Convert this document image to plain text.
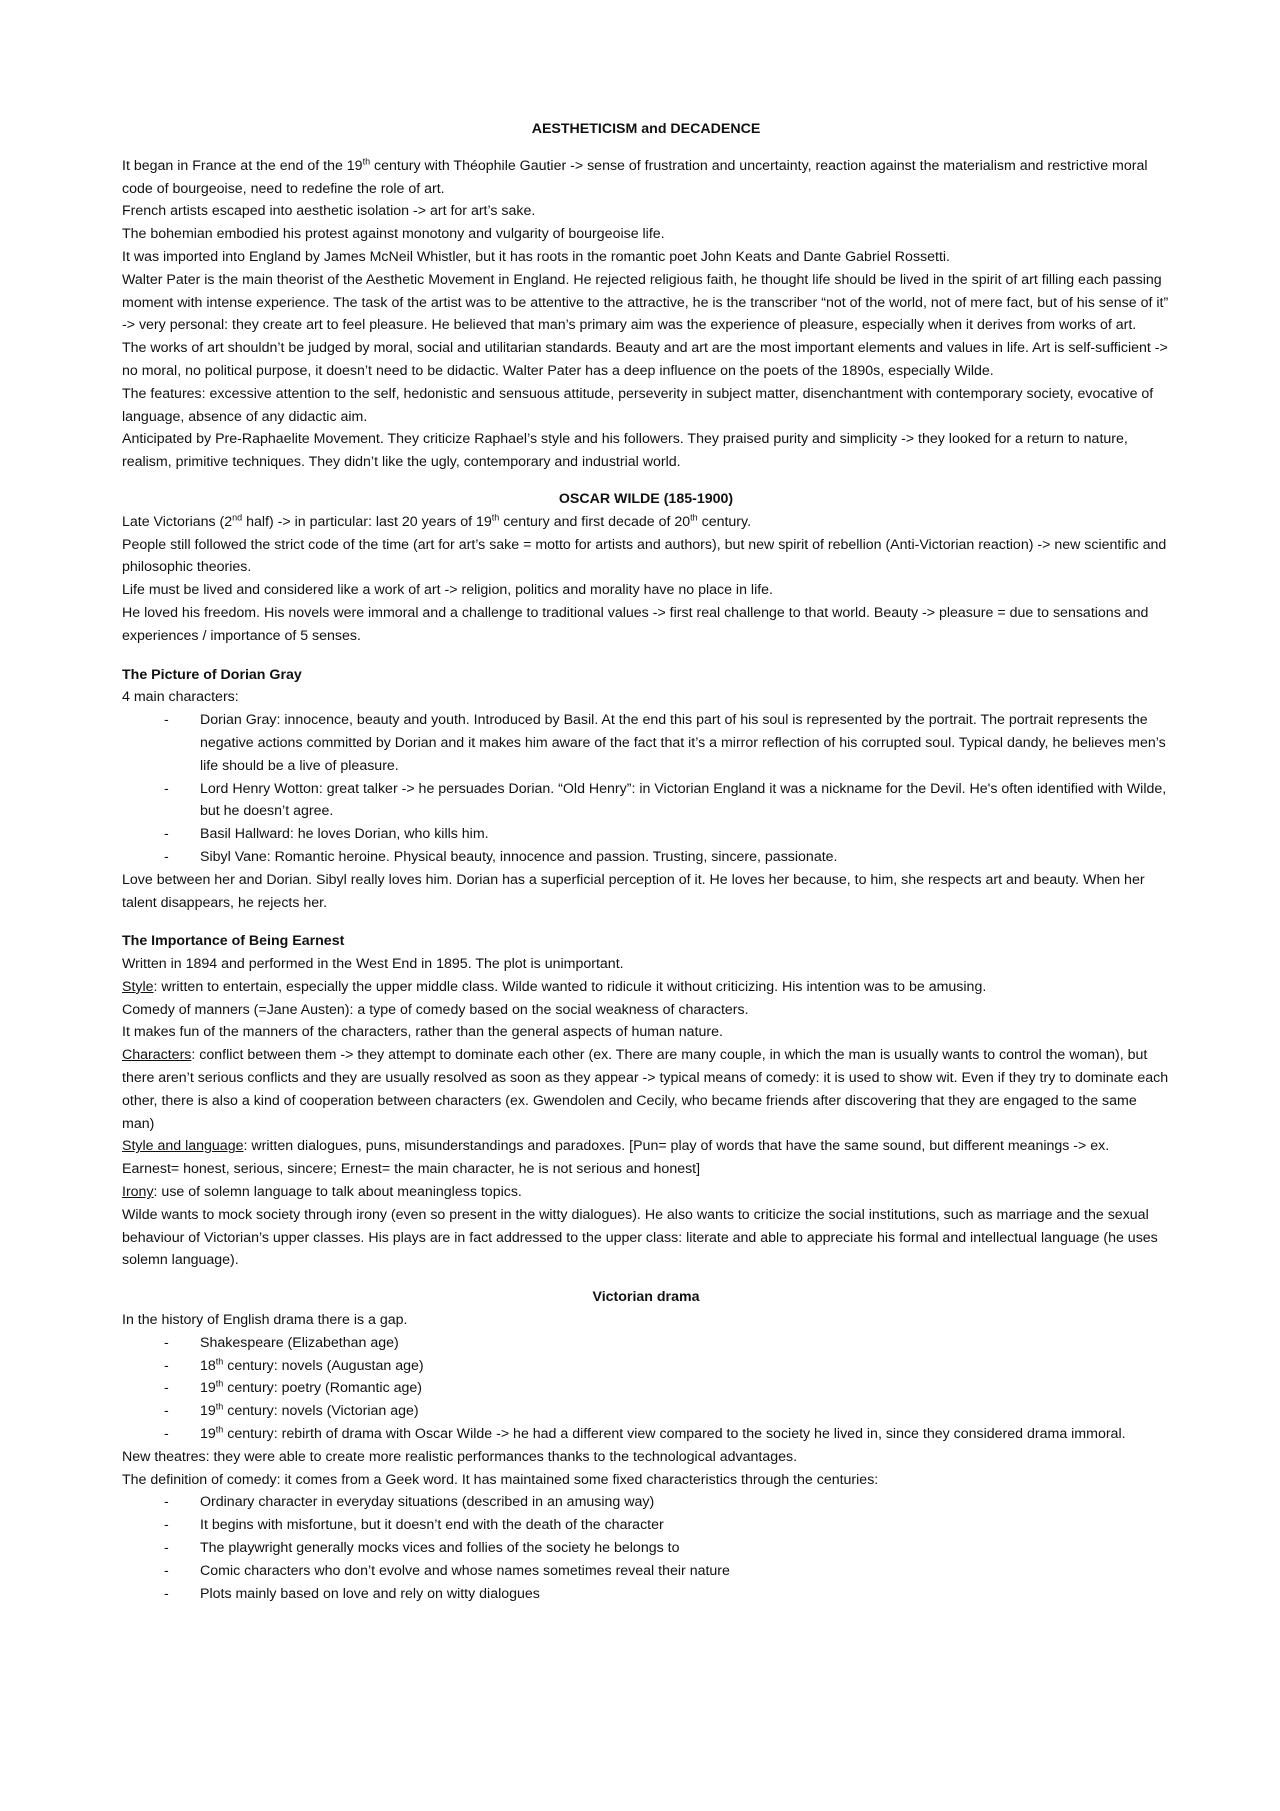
AESTHETICISM and DECADENCE

It began in France at the end of the 19th century with Théophile Gautier -> sense of frustration and uncertainty, reaction against the materialism and restrictive moral code of bourgeoise, need to redefine the role of art.

French artists escaped into aesthetic isolation -> art for art’s sake.

The bohemian embodied his protest against monotony and vulgarity of bourgeoise life.

It was imported into England by James McNeil Whistler, but it has roots in the romantic poet John Keats and Dante Gabriel Rossetti.

Walter Pater is the main theorist of the Aesthetic Movement in England. He rejected religious faith, he thought life should be lived in the spirit of art filling each passing moment with intense experience. The task of the artist was to be attentive to the attractive, he is the transcriber “not of the world, not of mere fact, but of his sense of it” -> very personal: they create art to feel pleasure. He believed that man’s primary aim was the experience of pleasure, especially when it derives from works of art.

The works of art shouldn’t be judged by moral, social and utilitarian standards. Beauty and art are the most important elements and values in life. Art is self-sufficient -> no moral, no political purpose, it doesn’t need to be didactic. Walter Pater has a deep influence on the poets of the 1890s, especially Wilde.

The features: excessive attention to the self, hedonistic and sensuous attitude, perseverity in subject matter, disenchantment with contemporary society, evocative of language, absence of any didactic aim.

Anticipated by Pre-Raphaelite Movement. They criticize Raphael’s style and his followers. They praised purity and simplicity -> they looked for a return to nature, realism, primitive techniques. They didn’t like the ugly, contemporary and industrial world.

OSCAR WILDE (185-1900)

Late Victorians (2nd half) -> in particular: last 20 years of 19th century and first decade of 20th century.

People still followed the strict code of the time (art for art’s sake = motto for artists and authors), but new spirit of rebellion (Anti-Victorian reaction) -> new scientific and philosophic theories.

Life must be lived and considered like a work of art -> religion, politics and morality have no place in life.

He loved his freedom. His novels were immoral and a challenge to traditional values -> first real challenge to that world. Beauty -> pleasure = due to sensations and experiences / importance of 5 senses.

The Picture of Dorian Gray

4 main characters:

- Dorian Gray: innocence, beauty and youth. Introduced by Basil. At the end this part of his soul is represented by the portrait. The portrait represents the negative actions committed by Dorian and it makes him aware of the fact that it’s a mirror reflection of his corrupted soul. Typical dandy, he believes men’s life should be a live of pleasure.
- Lord Henry Wotton: great talker -> he persuades Dorian. “Old Henry”: in Victorian England it was a nickname for the Devil. He's often identified with Wilde, but he doesn’t agree.
- Basil Hallward: he loves Dorian, who kills him.
- Sibyl Vane: Romantic heroine. Physical beauty, innocence and passion. Trusting, sincere, passionate.

Love between her and Dorian. Sibyl really loves him. Dorian has a superficial perception of it. He loves her because, to him, she respects art and beauty. When her talent disappears, he rejects her.

The Importance of Being Earnest

Written in 1894 and performed in the West End in 1895. The plot is unimportant.

Style: written to entertain, especially the upper middle class. Wilde wanted to ridicule it without criticizing. His intention was to be amusing.

Comedy of manners (=Jane Austen): a type of comedy based on the social weakness of characters.

It makes fun of the manners of the characters, rather than the general aspects of human nature.

Characters: conflict between them -> they attempt to dominate each other (ex. There are many couple, in which the man is usually wants to control the woman), but there aren’t serious conflicts and they are usually resolved as soon as they appear -> typical means of comedy: it is used to show wit. Even if they try to dominate each other, there is also a kind of cooperation between characters (ex. Gwendolen and Cecily, who became friends after discovering that they are engaged to the same man)

Style and language: written dialogues, puns, misunderstandings and paradoxes. [Pun= play of words that have the same sound, but different meanings -> ex. Earnest= honest, serious, sincere; Ernest= the main character, he is not serious and honest]

Irony: use of solemn language to talk about meaningless topics.

Wilde wants to mock society through irony (even so present in the witty dialogues). He also wants to criticize the social institutions, such as marriage and the sexual behaviour of Victorian’s upper classes. His plays are in fact addressed to the upper class: literate and able to appreciate his formal and intellectual language (he uses solemn language).

Victorian drama

In the history of English drama there is a gap.

- Shakespeare (Elizabethan age)
- 18th century: novels (Augustan age)
- 19th century: poetry (Romantic age)
- 19th century: novels (Victorian age)
- 19th century: rebirth of drama with Oscar Wilde -> he had a different view compared to the society he lived in, since they considered drama immoral.

New theatres: they were able to create more realistic performances thanks to the technological advantages.

The definition of comedy: it comes from a Geek word. It has maintained some fixed characteristics through the centuries:

- Ordinary character in everyday situations (described in an amusing way)
- It begins with misfortune, but it doesn’t end with the death of the character
- The playwright generally mocks vices and follies of the society he belongs to
- Comic characters who don’t evolve and whose names sometimes reveal their nature
- Plots mainly based on love and rely on witty dialogues
